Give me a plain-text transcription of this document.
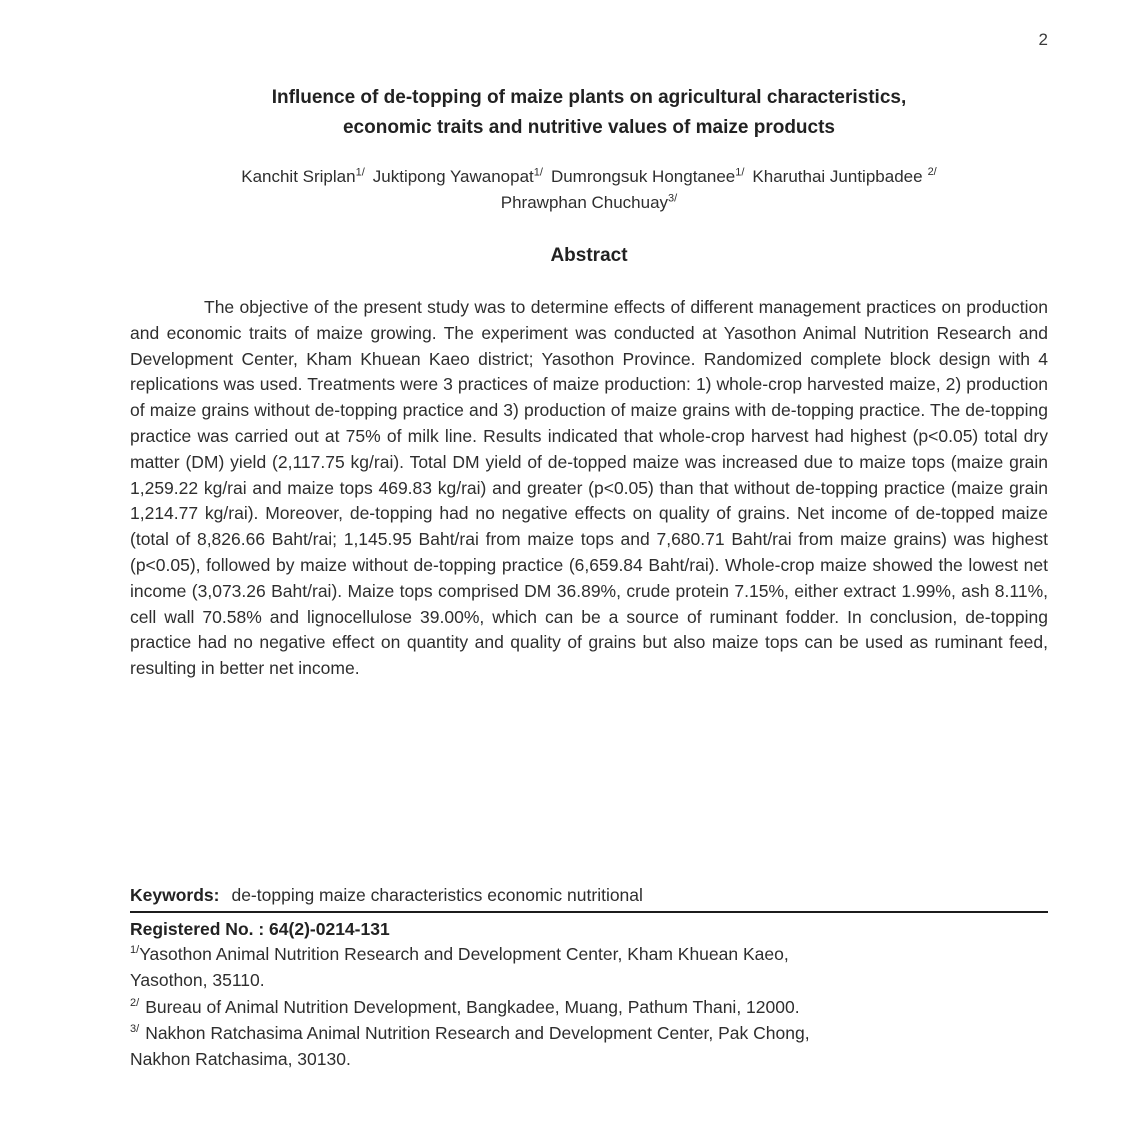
2
Influence of de-topping of maize plants on agricultural characteristics,
economic traits and nutritive values of maize products
Kanchit Sriplan$^{1/}$ Juktipong Yawanopat$^{1/}$ Dumrongsuk Hongtanee$^{1/}$ Kharuthai Juntipbadee $^{2/}$
Phrawphan Chuchuay$^{3/}$
Abstract

The objective of the present study was to determine effects of different management practices on production and economic traits of maize growing. The experiment was conducted at Yasothon Animal Nutrition Research and Development Center, Kham Khuean Kaeo district; Yasothon Province. Randomized complete block design with 4 replications was used. Treatments were 3 practices of maize production: 1) whole-crop harvested maize, 2) production of maize grains without de-topping practice and 3) production of maize grains with de-topping practice. The de-topping practice was carried out at 75% of milk line. Results indicated that whole-crop harvest had highest (p<0.05) total dry matter (DM) yield (2,117.75 kg/rai). Total DM yield of de-topped maize was increased due to maize tops (maize grain 1,259.22 kg/rai and maize tops 469.83 kg/rai) and greater (p<0.05) than that without de-topping practice (maize grain 1,214.77 kg/rai). Moreover, de-topping had no negative effects on quality of grains. Net income of de-topped maize (total of 8,826.66 Baht/rai; 1,145.95 Baht/rai from maize tops and 7,680.71 Baht/rai from maize grains) was highest (p<0.05), followed by maize without de-topping practice (6,659.84 Baht/rai). Whole-crop maize showed the lowest net income (3,073.26 Baht/rai). Maize tops comprised DM 36.89%, crude protein 7.15%, either extract 1.99%, ash 8.11%, cell wall 70.58% and lignocellulose 39.00%, which can be a source of ruminant fodder. In conclusion, de-topping practice had no negative effect on quantity and quality of grains but also maize tops can be used as ruminant feed, resulting in better net income.

Keywords: de-topping maize characteristics economic nutritional
Registered No. : 64(2)-0214-131
$^{1/}$Yasothon Animal Nutrition Research and Development Center, Kham Khuean Kaeo,
Yasothon, 35110.
$^{2/}$ Bureau of Animal Nutrition Development, Bangkadee, Muang, Pathum Thani, 12000.
$^{3/}$ Nakhon Ratchasima Animal Nutrition Research and Development Center, Pak Chong,
Nakhon Ratchasima, 30130.
